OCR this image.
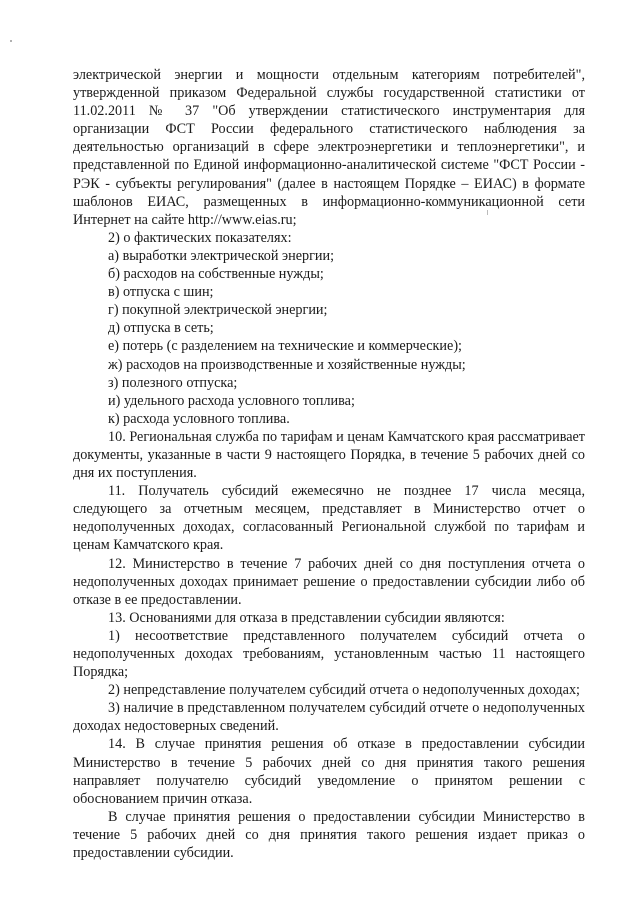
электрической энергии и мощности отдельным категориям потребителей", утвержденной приказом Федеральной службы государственной статистики от 11.02.2011 № 37 "Об утверждении статистического инструментария для организации ФСТ России федерального статистического наблюдения за деятельностью организаций в сфере электроэнергетики и теплоэнергетики", и представленной по Единой информационно-аналитической системе "ФСТ России - РЭК - субъекты регулирования" (далее в настоящем Порядке – ЕИАС) в формате шаблонов ЕИАС, размещенных в информационно-коммуникационной сети Интернет на сайте http://www.eias.ru;

2) о фактических показателях:

а) выработки электрической энергии;

б) расходов на собственные нужды;

в) отпуска с шин;

г) покупной электрической энергии;

д) отпуска в сеть;

е) потерь (с разделением на технические и коммерческие);

ж) расходов на производственные и хозяйственные нужды;

з) полезного отпуска;

и) удельного расхода условного топлива;

к) расхода условного топлива.

10. Региональная служба по тарифам и ценам Камчатского края рассматривает документы, указанные в части 9 настоящего Порядка, в течение 5 рабочих дней со дня их поступления.

11. Получатель субсидий ежемесячно не позднее 17 числа месяца, следующего за отчетным месяцем, представляет в Министерство отчет о недополученных доходах, согласованный Региональной службой по тарифам и ценам Камчатского края.

12. Министерство в течение 7 рабочих дней со дня поступления отчета о недополученных доходах принимает решение о предоставлении субсидии либо об отказе в ее предоставлении.

13. Основаниями для отказа в представлении субсидии являются:

1) несоответствие представленного получателем субсидий отчета о недополученных доходах требованиям, установленным частью 11 настоящего Порядка;

2) непредставление получателем субсидий отчета о недополученных доходах;

3) наличие в представленном получателем субсидий отчете о недополученных доходах недостоверных сведений.

14. В случае принятия решения об отказе в предоставлении субсидии Министерство в течение 5 рабочих дней со дня принятия такого решения направляет получателю субсидий уведомление о принятом решении с обоснованием причин отказа.

В случае принятия решения о предоставлении субсидии Министерство в течение 5 рабочих дней со дня принятия такого решения издает приказ о предоставлении субсидии.
